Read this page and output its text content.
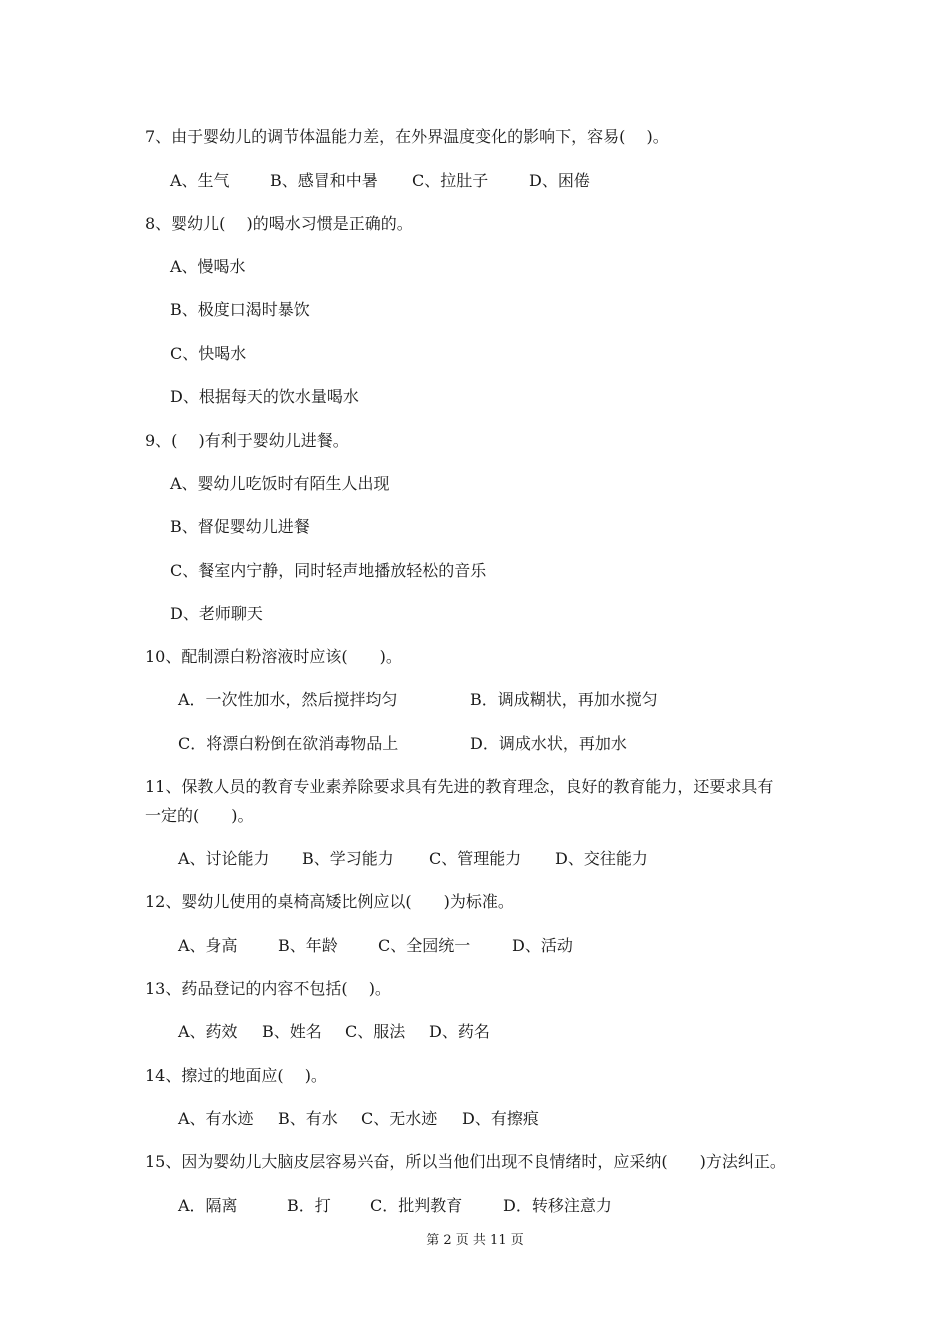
7、由于婴幼儿的调节体温能力差，在外界温度变化的影响下，容易(　 )。
A、生气	B、感冒和中暑 C、拉肚子	D、困倦
8、婴幼儿(　 )的喝水习惯是正确的。
A、慢喝水
B、极度口渴时暴饮
C、快喝水
D、根据每天的饮水量喝水
9、(　 )有利于婴幼儿进餐。
A、婴幼儿吃饭时有陌生人出现
B、督促婴幼儿进餐
C、餐室内宁静，同时轻声地播放轻松的音乐
D、老师聊天
10、配制漂白粉溶液时应该(　　)。
A．一次性加水，然后搅拌均匀	B．调成糊状，再加水搅匀
C．将漂白粉倒在欲消毒物品上	D．调成水状，再加水
11、保教人员的教育专业素养除要求具有先进的教育理念，良好的教育能力，还要求具有
一定的(　　)。
A、讨论能力 B、学习能力 C、管理能力 D、交往能力
12、婴幼儿使用的桌椅高矮比例应以(　　)为标准。
A、身高	B、年龄	C、全园统一	D、活动
13、药品登记的内容不包括(　 )。
A、药效 B、姓名 C、服法 D、药名
14、擦过的地面应(　 )。
A、有水迹 B、有水 C、无水迹 D、有擦痕
15、因为婴幼儿大脑皮层容易兴奋，所以当他们出现不良情绪时，应采纳(　　)方法纠正。
A．隔离	B．打 C．批判教育	D．转移注意力
第 2 页 共 11 页
